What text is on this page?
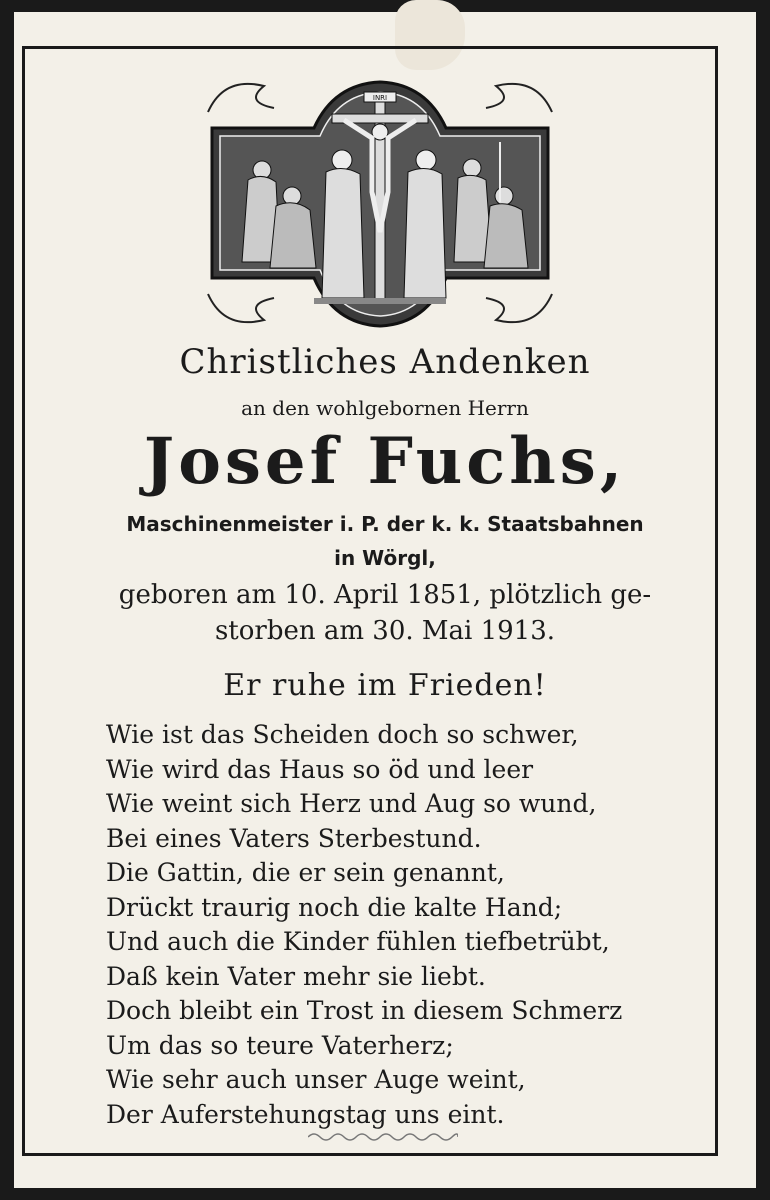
INRI
Christliches Andenken
an den wohlgebornen Herrn
Josef Fuchs,
Maschinenmeister i. P. der k. k. Staatsbahnen
in Wörgl,
geboren am 10. April 1851, plötzlich ge-
storben am 30. Mai 1913.
Er ruhe im Frieden!
Wie ist das Scheiden doch so schwer,
Wie wird das Haus so öd und leer
Wie weint sich Herz und Aug so wund,
Bei eines Vaters Sterbestund.
Die Gattin, die er sein genannt,
Drückt traurig noch die kalte Hand;
Und auch die Kinder fühlen tiefbetrübt,
Daß kein Vater mehr sie liebt.
Doch bleibt ein Trost in diesem Schmerz
Um das so teure Vaterherz;
Wie sehr auch unser Auge weint,
Der Auferstehungstag uns eint.
